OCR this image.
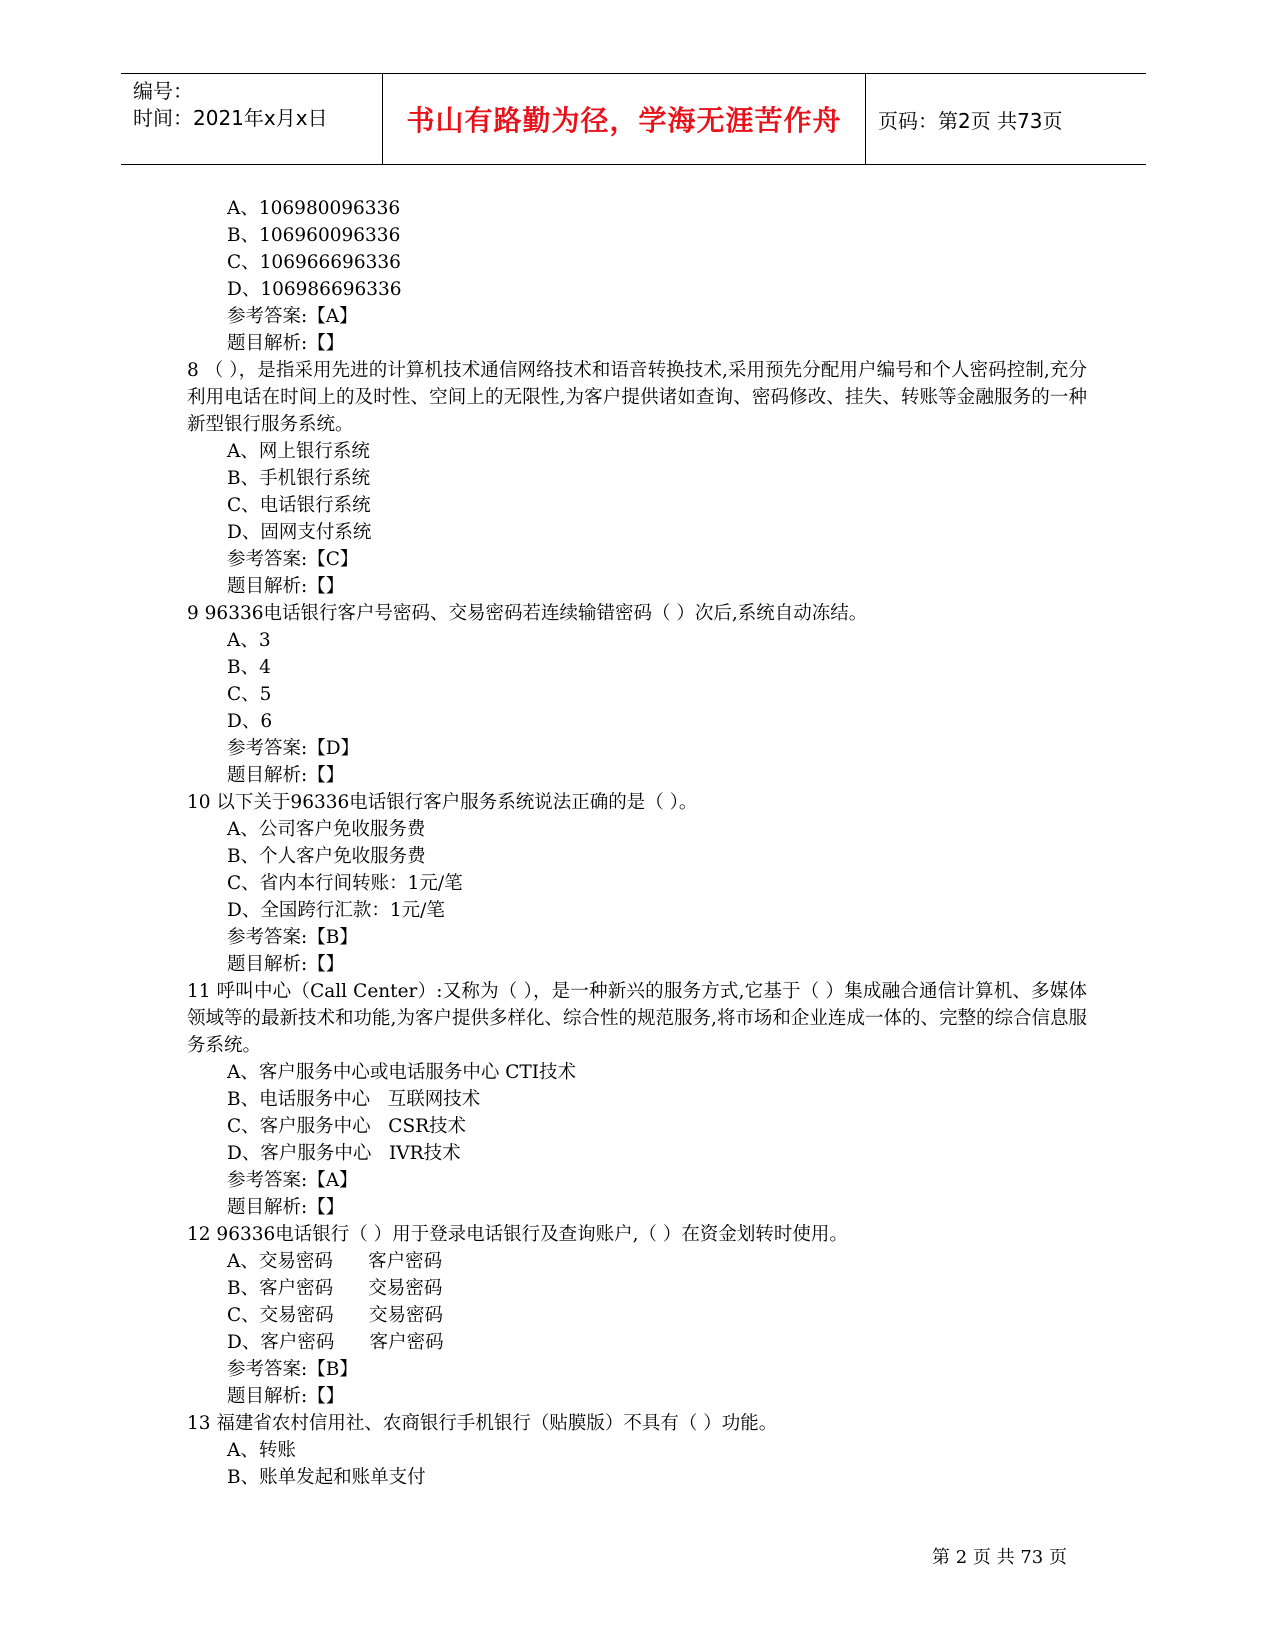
编号：
时间：2021年x月x日	书山有路勤为径，学海无涯苦作舟	页码：第2页 共73页
A、106980096336
B、106960096336
C、106966696336
D、106986696336
参考答案:【A】
题目解析:【】
8 （ ），是指采用先进的计算机技术通信网络技术和语音转换技术,采用预先分配用户编号和个人密码控制,充分利用电话在时间上的及时性、空间上的无限性,为客户提供诸如查询、密码修改、挂失、转账等金融服务的一种新型银行服务系统。
A、网上银行系统
B、手机银行系统
C、电话银行系统
D、固网支付系统
参考答案:【C】
题目解析:【】
9 96336电话银行客户号密码、交易密码若连续输错密码（ ）次后,系统自动冻结。
A、3
B、4
C、5
D、6
参考答案:【D】
题目解析:【】
10 以下关于96336电话银行客户服务系统说法正确的是（ ）。
A、公司客户免收服务费
B、个人客户免收服务费
C、省内本行间转账：1元/笔
D、全国跨行汇款：1元/笔
参考答案:【B】
题目解析:【】
11 呼叫中心（Call Center）:又称为（ ），是一种新兴的服务方式,它基于（ ）集成融合通信计算机、多媒体领域等的最新技术和功能,为客户提供多样化、综合性的规范服务,将市场和企业连成一体的、完整的综合信息服务系统。
A、客户服务中心或电话服务中心 CTI技术
B、电话服务中心   互联网技术
C、客户服务中心   CSR技术
D、客户服务中心   IVR技术
参考答案:【A】
题目解析:【】
12 96336电话银行（ ）用于登录电话银行及查询账户,（ ）在资金划转时使用。
A、交易密码      客户密码
B、客户密码      交易密码
C、交易密码      交易密码
D、客户密码      客户密码
参考答案:【B】
题目解析:【】
13 福建省农村信用社、农商银行手机银行（贴膜版）不具有（ ）功能。
A、转账
B、账单发起和账单支付
第 2 页 共 73 页
